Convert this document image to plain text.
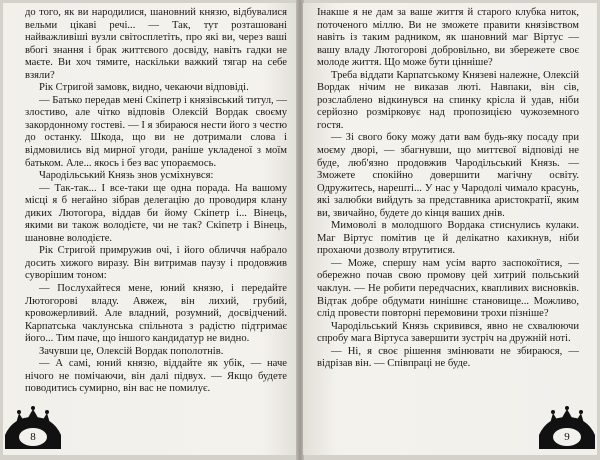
до того, як ви народилися, шановний князю, відбувалися вельми цікаві речі... — Так, тут розташовані найважливіші вузли світосплетіть, про які ви, через ваші вбогі знання і брак життєвого досвіду, навіть гадки не маєте. Ви хоч тямите, наскільки важкий тягар на себе взяли?

Рік Стригой замовк, видно, чекаючи відповіді.

— Батько передав мені Скіпетр і князівський титул, — злостиво, але чітко відповів Олексій Вордак своєму закордонному гостеві. — І я збираюся нести його з честю до останку. Шкода, що ви не дотримали слова і відмовились від мирної угоди, раніше укладеної з моїм батьком. Але... якось і без вас упораємось.

Чародільський Князь знов усміхнувся:

— Так-так... І все-таки ще одна порада. На вашому місці я б негайно зібрав делегацію до проводиря клану диких Лютогора, віддав би йому Скіпетр і... Вінець, якими ви також володієте, чи не так? Скіпетр і Вінець, шановне володієте.

Рік Стригой примружив очі, і його обличчя набрало досить хижого виразу. Він витримав паузу і продовжив суворішим тоном:

— Послухайтеся мене, юний князю, і передайте Лютогорові владу. Авжеж, він лихий, грубий, кровожерливий. Але владний, розумний, досвідчений. Карпатська чаклунська спільнота з радістю підтримає його... Тим паче, що іншого кандидатур не видно.

Зачувши це, Олексій Вордак пополотнів.

— А самі, юний князю, віддайте як убік, — наче нічого не помічаючи, він далі підвух. — Якщо будете поводитись сумирно, він вас не помилує.

8

Інакше я не дам за ваше життя й старого клубка ниток, поточеного міллю. Ви не зможете правити князівством навіть із таким радником, як шановний маг Віртус — вашу владу Лютогорові добровільно, ви збережете своє молоде життя. Що може бути ціннішe?

Треба віддати Карпатському Князеві належне, Олексій Вордак нічим не виказав люті. Навпаки, він сів, розслаблено відкинувся на спинку крісла й удав, ніби серйозно розмірковує над пропозицією чужоземного гостя.

— Зі свого боку можу дати вам будь-яку посаду при моєму дворі, — збагнувши, що миттєвої відповіді не буде, люб'язно продовжив Чародільський Князь. — Зможете спокійно довершити магічну освіту. Одружитесь, нарешті... У нас у Чародолі чимало красунь, які залюбки вийдуть за представника аристократії, яким ви, звичайно, будете до кінця ваших днів.

Мимоволі в молодшого Вордака стиснулись кулаки. Маг Віртус помітив це й делікатно кахикнув, ніби прохаючи дозволу втрутитися.

— Може, спершу нам усім варто заспокоїтися, — обережно почав свою промову цей хитрий польський чаклун. — Не робити передчасних, квапливих висновків. Відтак добре обдумати нинішнє становище... Можливо, слід провести повторні перемовини трохи пізніше?

Чародільський Князь скривився, явно не схвалюючи спробу мага Віртуса завершити зустріч на дружній ноті.

— Ні, я своє рішення змінювати не збираюся, — відрізав він. — Співпраці не буде.

9
